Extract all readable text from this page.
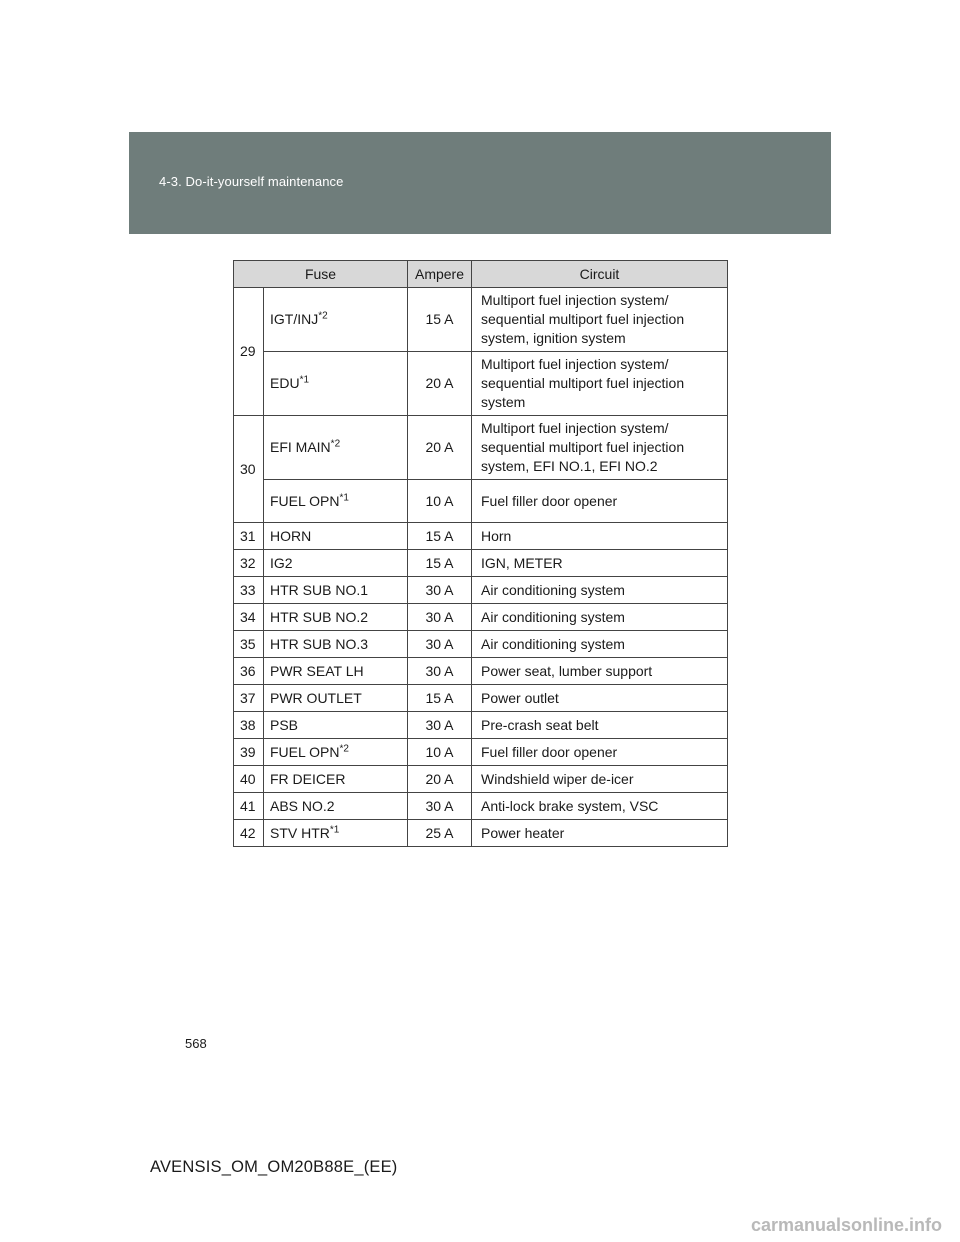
4-3. Do-it-yourself maintenance
Fuse		Ampere	Circuit
29	IGT/INJ$^{*2}$	15 A	Multiport fuel injection system/ sequential multiport fuel injection system, ignition system
	EDU$^{*1}$	20 A	Multiport fuel injection system/ sequential multiport fuel injection system
30	EFI MAIN$^{*2}$	20 A	Multiport fuel injection system/ sequential multiport fuel injection system, EFI NO.1, EFI NO.2
	FUEL OPN$^{*1}$	10 A	Fuel filler door opener
31	HORN	15 A	Horn
32	IG2	15 A	IGN, METER
33	HTR SUB NO.1	30 A	Air conditioning system
34	HTR SUB NO.2	30 A	Air conditioning system
35	HTR SUB NO.3	30 A	Air conditioning system
36	PWR SEAT LH	30 A	Power seat, lumber support
37	PWR OUTLET	15 A	Power outlet
38	PSB	30 A	Pre-crash seat belt
39	FUEL OPN$^{*2}$	10 A	Fuel filler door opener
40	FR DEICER	20 A	Windshield wiper de-icer
41	ABS NO.2	30 A	Anti-lock brake system, VSC
42	STV HTR$^{*1}$	25 A	Power heater
568
AVENSIS_OM_OM20B88E_(EE)
carmanualsonline.info
